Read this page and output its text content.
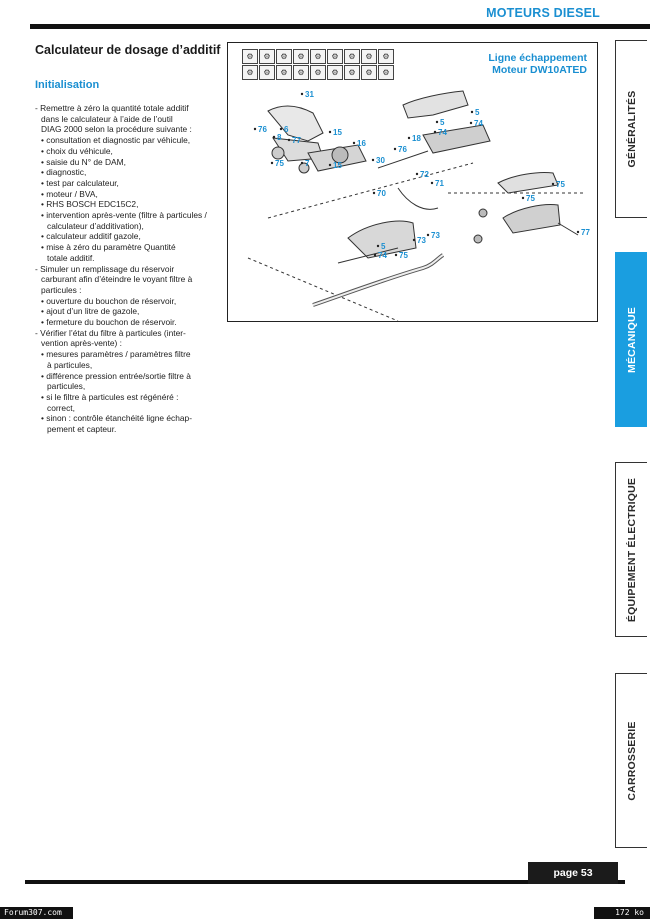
MOTEURS DIESEL
Calculateur de dosage d’additif
Initialisation
- Remettre à zéro la quantité totale additif
dans le calculateur à l’aide de l’outil
DIAG 2000 selon la procédure suivante :
• consultation et diagnostic par véhicule,
• choix du véhicule,
• saisie du N° de DAM,
• diagnostic,
• test par calculateur,
• moteur / BVA,
• RHS BOSCH EDC15C2,
• intervention après-vente (filtre à particules /
calculateur d’additivation),
• calculateur additif gazole,
• mise à zéro du paramètre Quantité
totale additif.
- Simuler un remplissage du réservoir
carburant afin d’éteindre le voyant filtre à
particules :
• ouverture du bouchon de réservoir,
• ajout d’un litre de gazole,
• fermeture du bouchon de réservoir.
- Vérifier l’état du filtre à particules (inter-
vention après-vente) :
• mesures paramètres / paramètres filtre
à particules,
• différence pression entrée/sortie filtre à
particules,
• si le filtre à particules est régénéré :
correct,
• sinon : contrôle étanchéité ligne échap-
pement et capteur.
⚙	⚙	⚙	⚙	⚙	⚙	⚙	⚙	⚙
⚙	⚙	⚙	⚙	⚙	⚙	⚙	⚙	⚙
Ligne échappement
Moteur DW10ATED
31
76 6
8 77
15
16
75	7	15
5
5	74
74
18
76
30
72
71
70
75
75
73
73
5
74 75
77
GÉNÉRALITÉS
MÉCANIQUE
ÉQUIPEMENT ÉLECTRIQUE
CARROSSERIE
page 53
Forum307.com	172 ko
